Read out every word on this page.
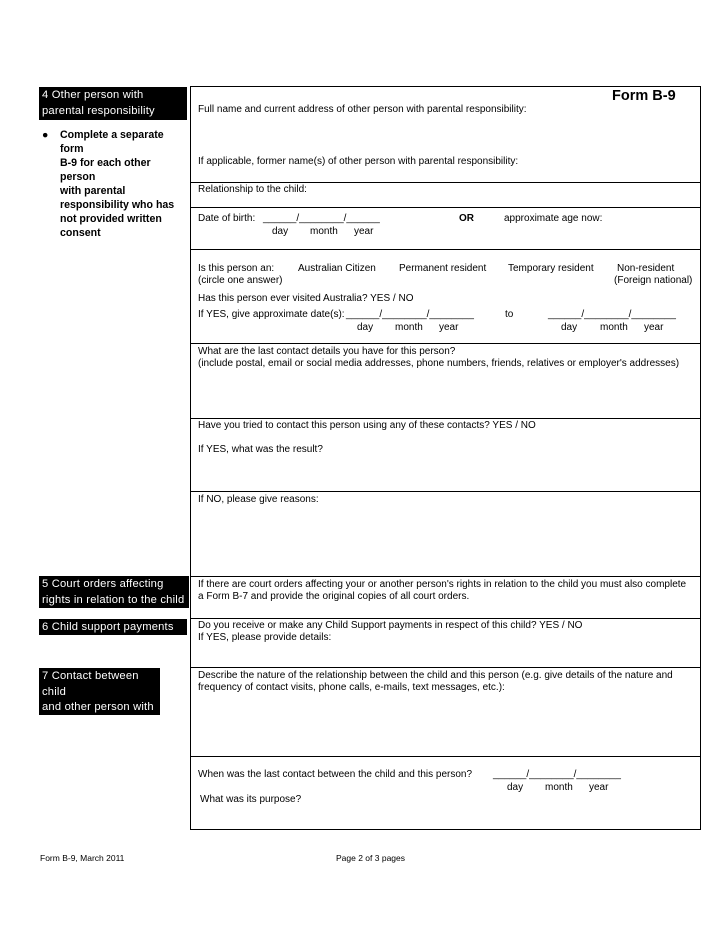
4 Other person with
parental responsibility
● Complete a separate form
B-9 for each other person
with parental
responsibility who has
not provided written
consent
5 Court orders affecting
rights in relation to the child
6 Child support payments
7 Contact between child
and other person with
parental responsibility
Form B-9
Full name and current address of other person with parental responsibility:
If applicable, former name(s) of other person with parental responsibility:
Relationship to the child:
Date of birth: ______/________/______	OR	approximate age now:
day month year
Is this person an: Australian Citizen Permanent resident Temporary resident Non-resident
(circle one answer)	(Foreign national)
Has this person ever visited Australia? YES / NO
If YES, give approximate date(s): ______/________/________	to	______/________/________
day month year	day month year
What are the last contact details you have for this person?
(include postal, email or social media addresses, phone numbers, friends, relatives or employer's addresses)
Have you tried to contact this person using any of these contacts? YES / NO
If YES, what was the result?
If NO, please give reasons:
If there are court orders affecting your or another person's rights in relation to the child you must also complete
a Form B-7 and provide the original copies of all court orders.
Do you receive or make any Child Support payments in respect of this child? YES / NO
If YES, please provide details:
Describe the nature of the relationship between the child and this person (e.g. give details of the nature and
frequency of contact visits, phone calls, e-mails, text messages, etc.):
When was the last contact between the child and this person? ______/________/________
day month year
What was its purpose?
Form B-9, March 2011	Page 2 of 3 pages
